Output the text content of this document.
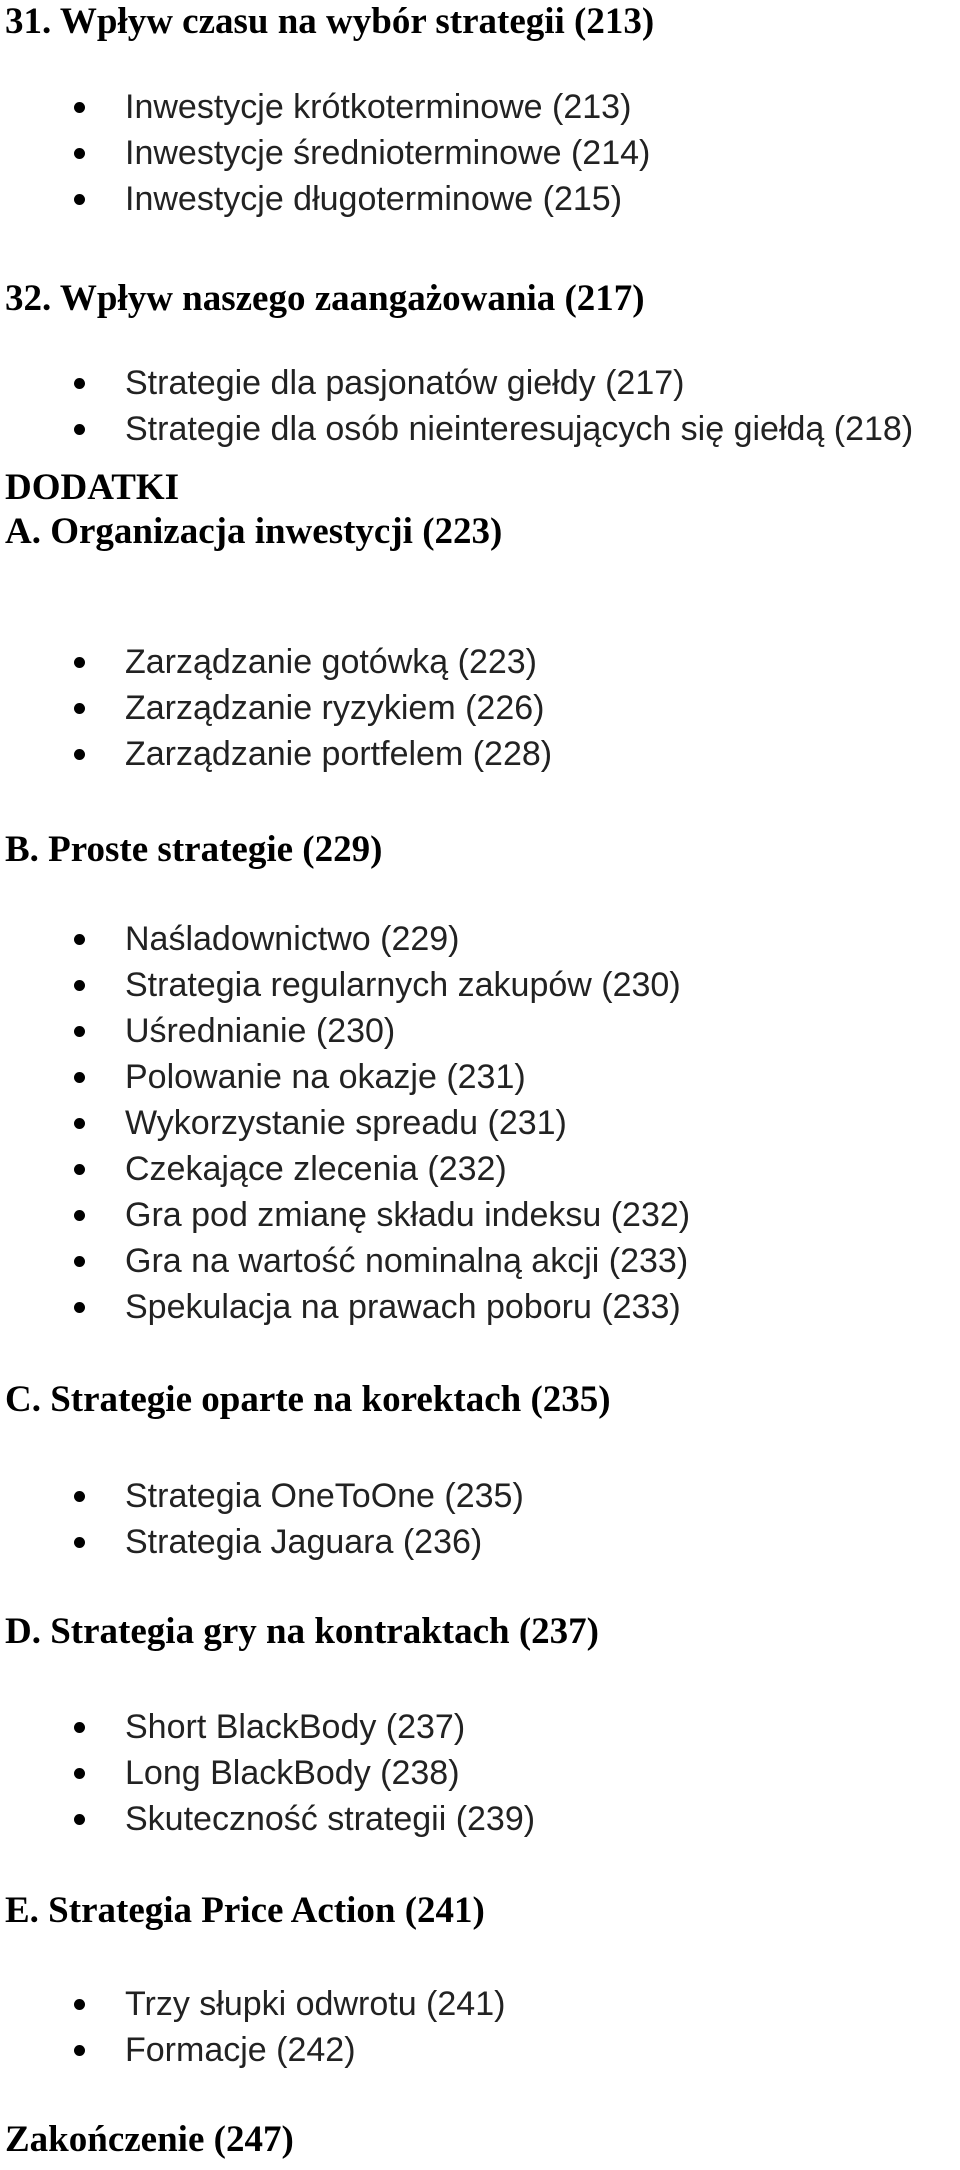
31. Wpływ czasu na wybór strategii (213)
Inwestycje krótkoterminowe (213)
Inwestycje średnioterminowe (214)
Inwestycje długoterminowe (215)
32. Wpływ naszego zaangażowania (217)
Strategie dla pasjonatów giełdy (217)
Strategie dla osób nieinteresujących się giełdą (218)
DODATKI
A. Organizacja inwestycji (223)
Zarządzanie gotówką (223)
Zarządzanie ryzykiem (226)
Zarządzanie portfelem (228)
B. Proste strategie (229)
Naśladownictwo (229)
Strategia regularnych zakupów (230)
Uśrednianie (230)
Polowanie na okazje (231)
Wykorzystanie spreadu (231)
Czekające zlecenia (232)
Gra pod zmianę składu indeksu (232)
Gra na wartość nominalną akcji (233)
Spekulacja na prawach poboru (233)
C. Strategie oparte na korektach (235)
Strategia OneToOne (235)
Strategia Jaguara (236)
D. Strategia gry na kontraktach (237)
Short BlackBody (237)
Long BlackBody (238)
Skuteczność strategii (239)
E. Strategia Price Action (241)
Trzy słupki odwrotu (241)
Formacje (242)
Zakończenie (247)
